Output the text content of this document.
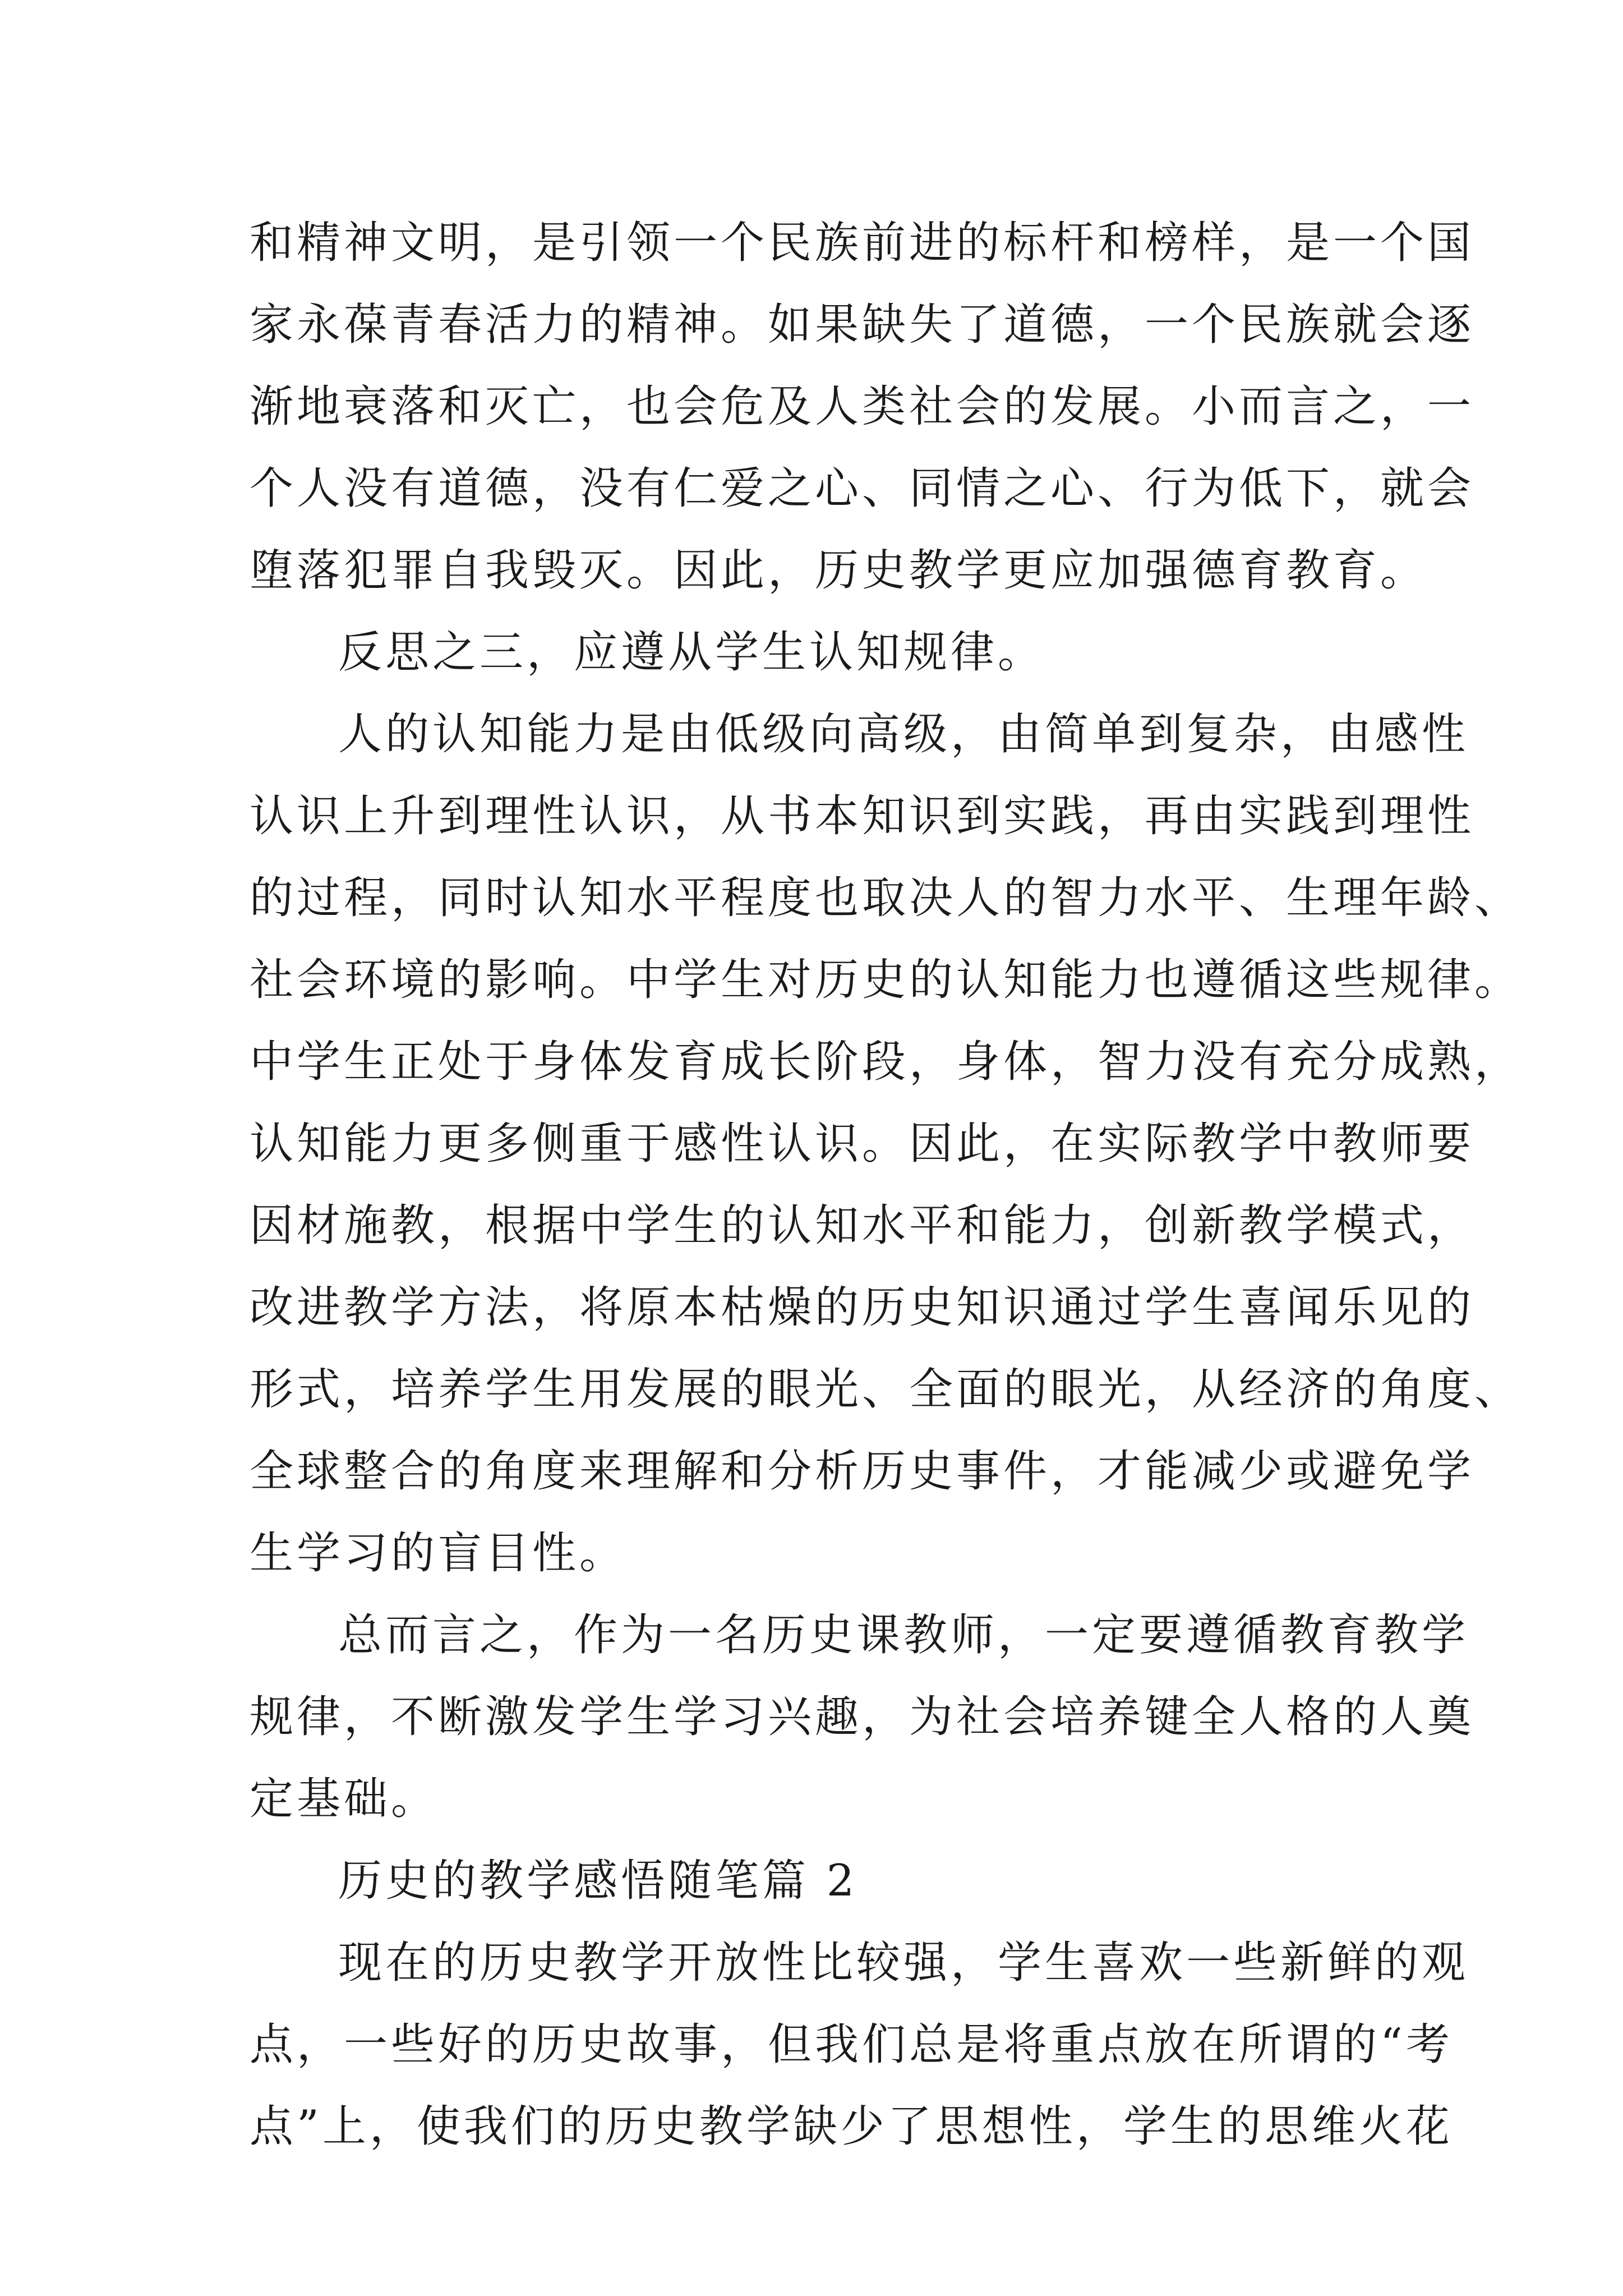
和精神文明，是引领一个民族前进的标杆和榜样，是一个国
家永葆青春活力的精神。如果缺失了道德，一个民族就会逐
渐地衰落和灭亡，也会危及人类社会的发展。小而言之，一
个人没有道德，没有仁爱之心、同情之心、行为低下，就会
堕落犯罪自我毁灭。因此，历史教学更应加强德育教育。
反思之三，应遵从学生认知规律。
人的认知能力是由低级向高级，由简单到复杂，由感性
认识上升到理性认识，从书本知识到实践，再由实践到理性
的过程，同时认知水平程度也取决人的智力水平、生理年龄、
社会环境的影响。中学生对历史的认知能力也遵循这些规律。
中学生正处于身体发育成长阶段，身体，智力没有充分成熟，
认知能力更多侧重于感性认识。因此，在实际教学中教师要
因材施教，根据中学生的认知水平和能力，创新教学模式，
改进教学方法，将原本枯燥的历史知识通过学生喜闻乐见的
形式，培养学生用发展的眼光、全面的眼光，从经济的角度、
全球整合的角度来理解和分析历史事件，才能减少或避免学
生学习的盲目性。
总而言之，作为一名历史课教师，一定要遵循教育教学
规律，不断激发学生学习兴趣，为社会培养键全人格的人奠
定基础。
历史的教学感悟随笔篇 2
现在的历史教学开放性比较强，学生喜欢一些新鲜的观
点，一些好的历史故事，但我们总是将重点放在所谓的“考
点”上，使我们的历史教学缺少了思想性，学生的思维火花
